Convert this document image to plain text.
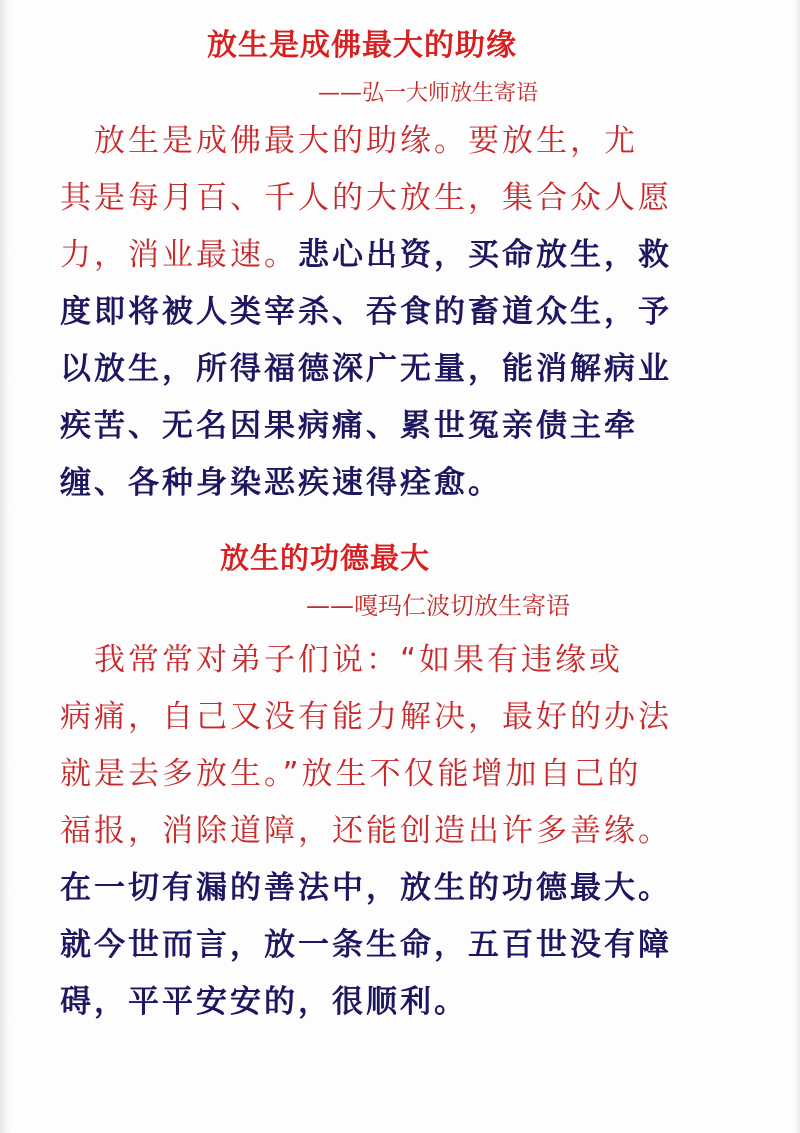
放生是成佛最大的助缘
——弘一大师放生寄语
　放生是成佛最大的助缘。要放生，尤
其是每月百、千人的大放生，集合众人愿
力，消业最速。悲心出资，买命放生，救
度即将被人类宰杀、吞食的畜道众生，予
以放生，所得福德深广无量，能消解病业
疾苦、无名因果病痛、累世冤亲债主牵
缠、各种身染恶疾速得痊愈。
放生的功德最大
——嘎玛仁波切放生寄语
　我常常对弟子们说：“如果有违缘或
病痛，自己又没有能力解决，最好的办法
就是去多放生。”放生不仅能增加自己的
福报，消除道障，还能创造出许多善缘。
在一切有漏的善法中，放生的功德最大。
就今世而言，放一条生命，五百世没有障
碍，平平安安的，很顺利。
